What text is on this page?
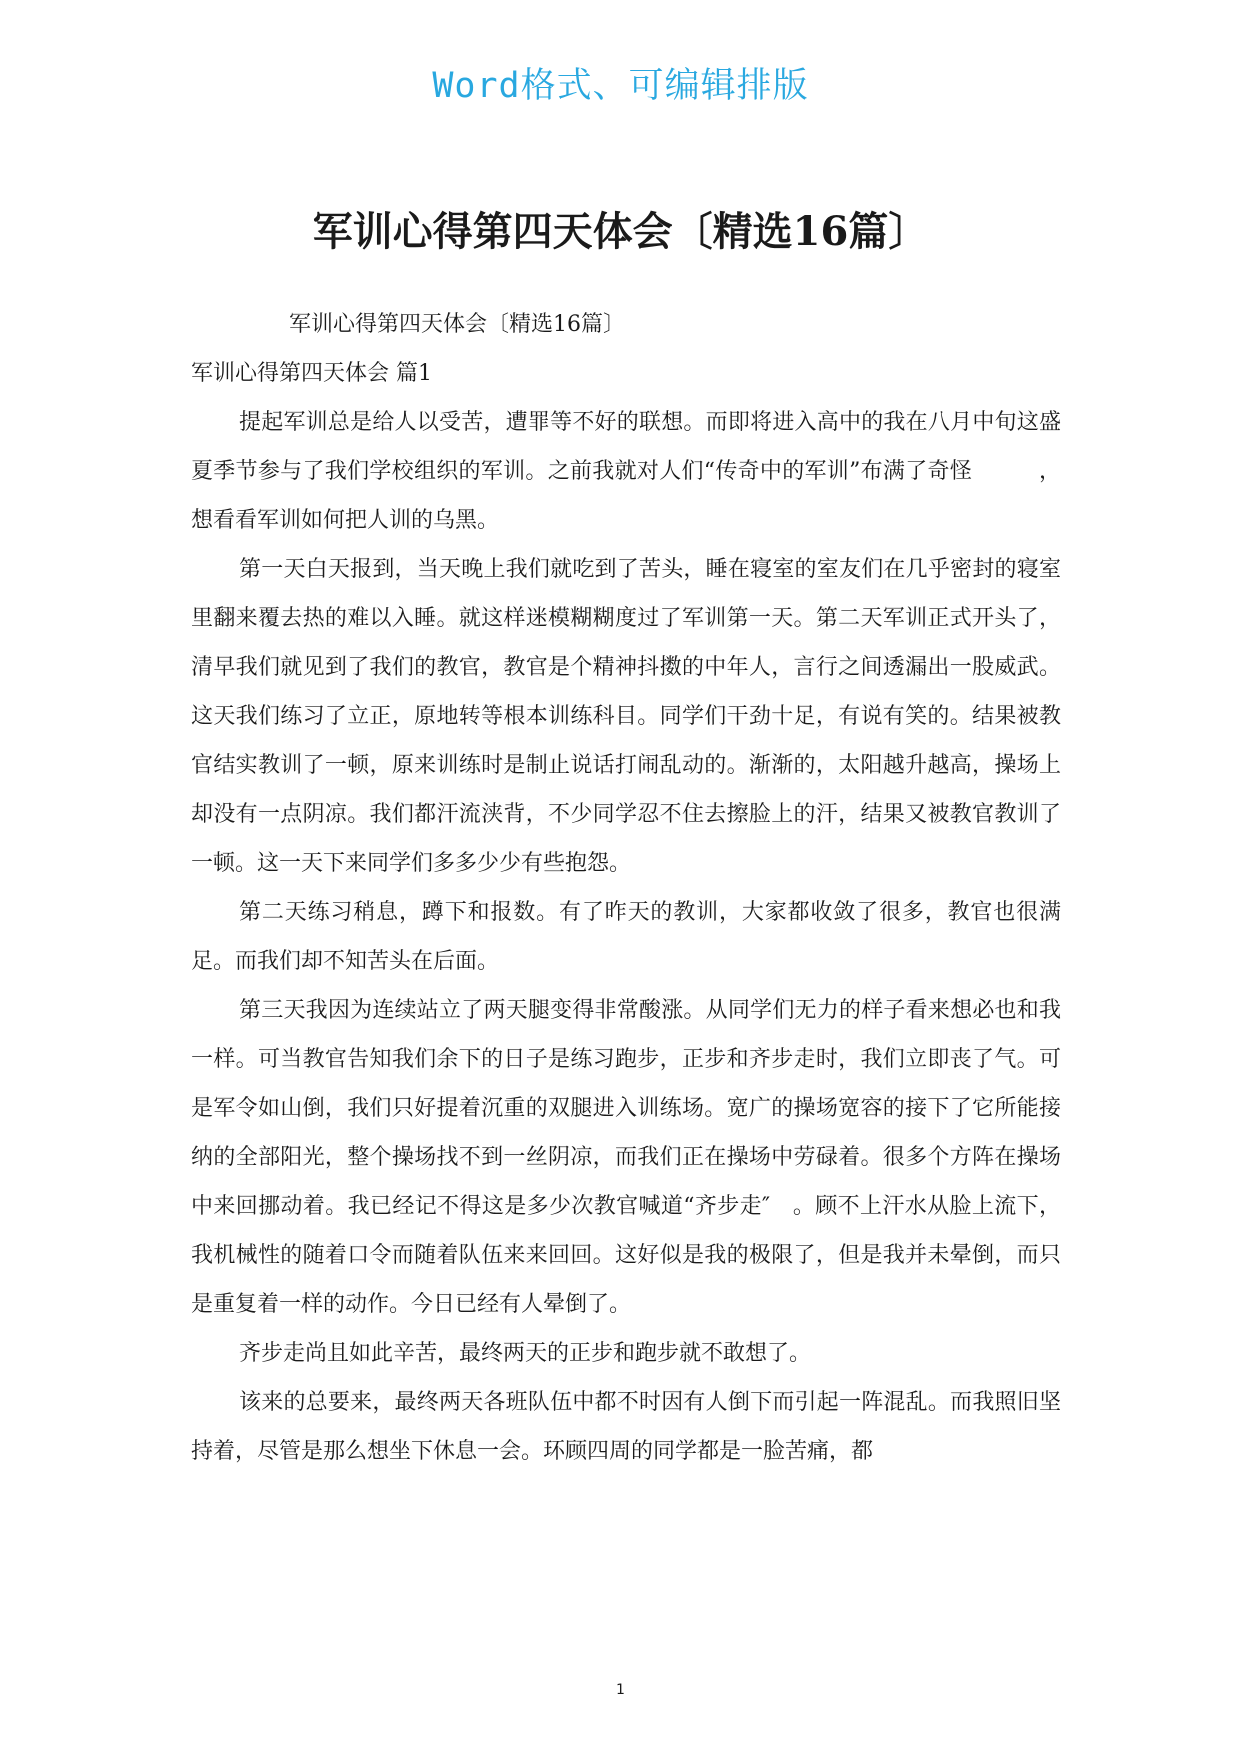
Word格式、可编辑排版
军训心得第四天体会〔精选16篇〕
军训心得第四天体会〔精选16篇〕
军训心得第四天体会 篇1

提起军训总是给人以受苦，遭罪等不好的联想。而即将进入高中的我在八月中旬这盛夏季节参与了我们学校组织的军训。之前我就对人们“传奇中的军训”布满了奇怪　　　，想看看军训如何把人训的乌黑。

第一天白天报到，当天晚上我们就吃到了苦头，睡在寝室的室友们在几乎密封的寝室里翻来覆去热的难以入睡。就这样迷模糊糊度过了军训第一天。第二天军训正式开头了，清早我们就见到了我们的教官，教官是个精神抖擞的中年人，言行之间透漏出一股威武。这天我们练习了立正，原地转等根本训练科目。同学们干劲十足，有说有笑的。结果被教官结实教训了一顿，原来训练时是制止说话打闹乱动的。渐渐的，太阳越升越高，操场上却没有一点阴凉。我们都汗流浃背，不少同学忍不住去擦脸上的汗，结果又被教官教训了一顿。这一天下来同学们多多少少有些抱怨。

第二天练习稍息，蹲下和报数。有了昨天的教训，大家都收敛了很多，教官也很满足。而我们却不知苦头在后面。

第三天我因为连续站立了两天腿变得非常酸涨。从同学们无力的样子看来想必也和我一样。可当教官告知我们余下的日子是练习跑步，正步和齐步走时，我们立即丧了气。可是军令如山倒，我们只好提着沉重的双腿进入训练场。宽广的操场宽容的接下了它所能接纳的全部阳光，整个操场找不到一丝阴凉，而我们正在操场中劳碌着。很多个方阵在操场中来回挪动着。我已经记不得这是多少次教官喊道“齐步走″　。顾不上汗水从脸上流下，我机械性的随着口令而随着队伍来来回回。这好似是我的极限了，但是我并未晕倒，而只是重复着一样的动作。今日已经有人晕倒了。

齐步走尚且如此辛苦，最终两天的正步和跑步就不敢想了。

该来的总要来，最终两天各班队伍中都不时因有人倒下而引起一阵混乱。而我照旧坚持着，尽管是那么想坐下休息一会。环顾四周的同学都是一脸苦痛，都

1
